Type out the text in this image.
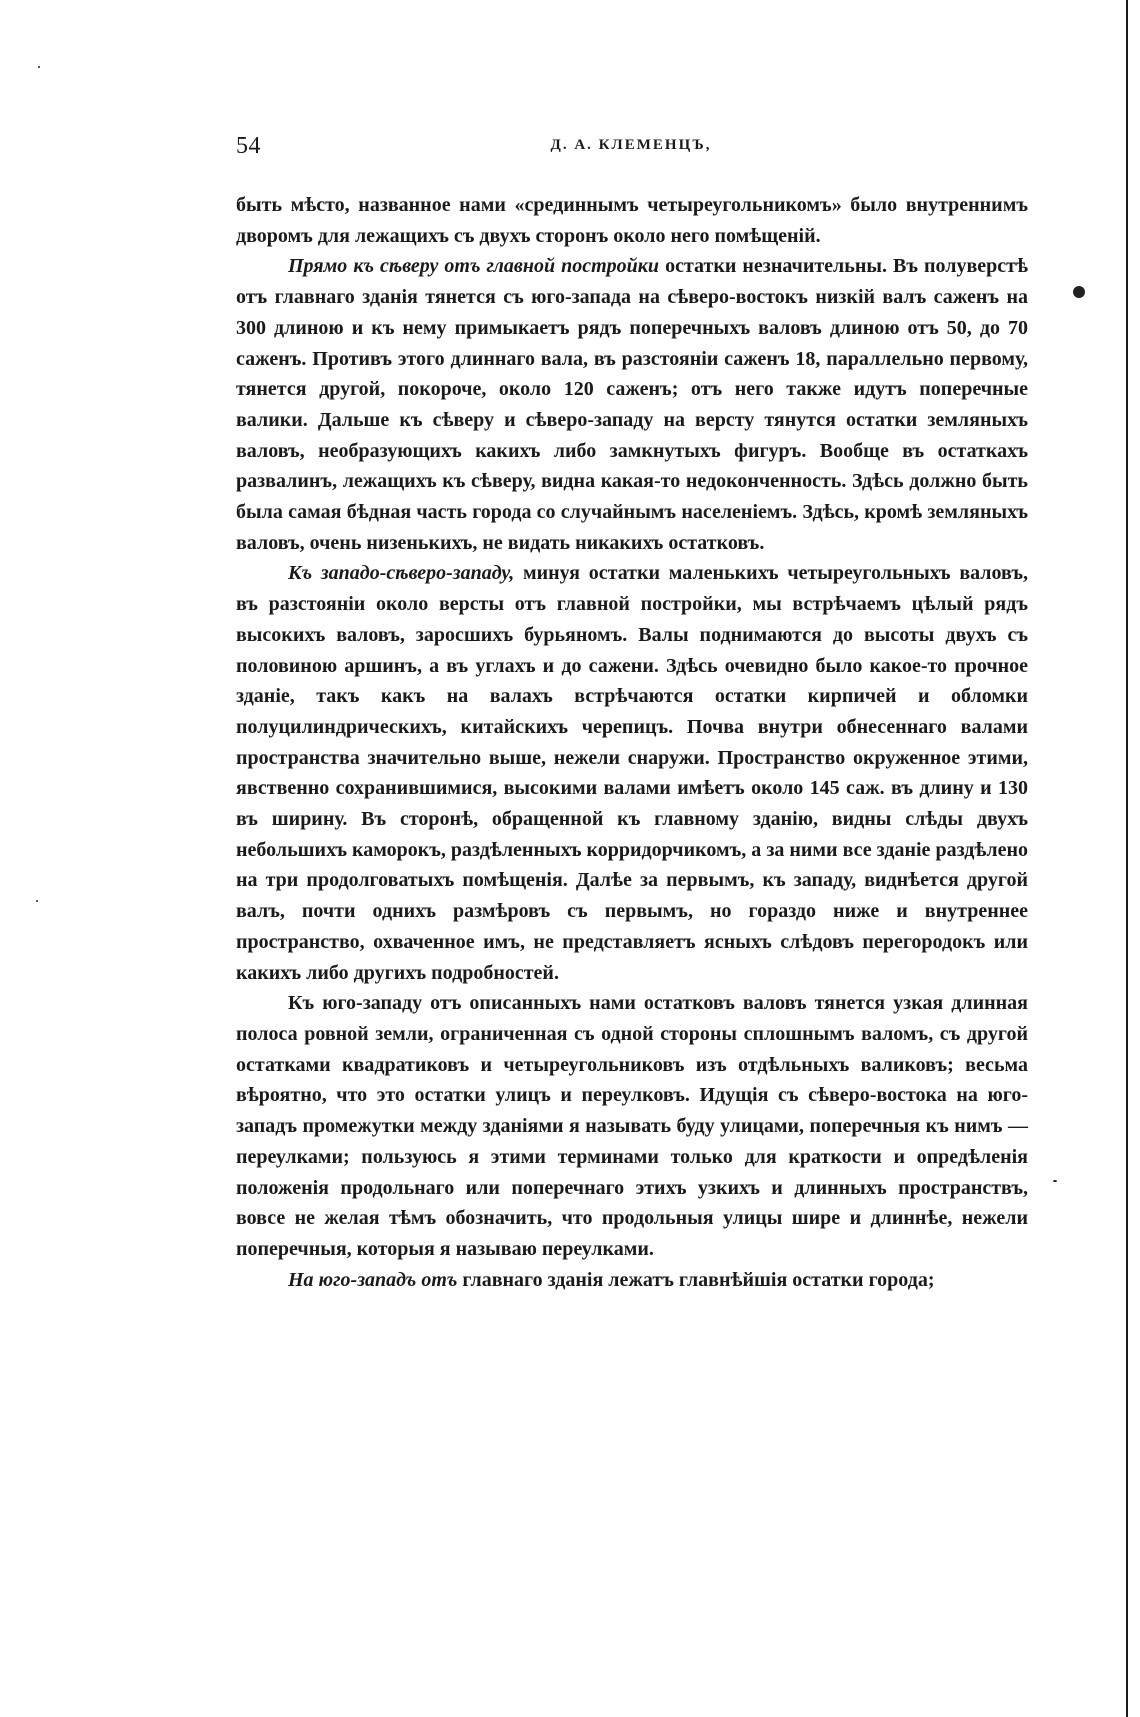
54	Д. А. КЛЕМЕНЦЪ,

быть мѣсто, названное нами «срединнымъ четыреугольникомъ» было внутреннимъ дворомъ для лежащихъ съ двухъ сторонъ около него помѣщеній.

Прямо къ сѣверу отъ главной постройки остатки незначительны. Въ полуверстѣ отъ главнаго зданія тянется съ юго-запада на сѣверо-востокъ низкій валъ саженъ на 300 длиною и къ нему примыкаетъ рядъ поперечныхъ валовъ длиною отъ 50, до 70 саженъ. Противъ этого длиннаго вала, въ разстояніи саженъ 18, параллельно первому, тянется другой, покороче, около 120 саженъ; отъ него также идутъ поперечные валики. Дальше къ сѣверу и сѣверо-западу на версту тянутся остатки земляныхъ валовъ, необразующихъ какихъ либо замкнутыхъ фигуръ. Вообще въ остаткахъ развалинъ, лежащихъ къ сѣверу, видна какая-то недоконченность. Здѣсь должно быть была самая бѣдная часть города со случайнымъ населеніемъ. Здѣсь, кромѣ земляныхъ валовъ, очень низенькихъ, не видать никакихъ остатковъ.

Къ западо-сѣверо-западу, минуя остатки маленькихъ четыреугольныхъ валовъ, въ разстояніи около версты отъ главной постройки, мы встрѣчаемъ цѣлый рядъ высокихъ валовъ, заросшихъ бурьяномъ. Валы поднимаются до высоты двухъ съ половиною аршинъ, а въ углахъ и до сажени. Здѣсь очевидно было какое-то прочное зданіе, такъ какъ на валахъ встрѣчаются остатки кирпичей и обломки полуцилиндрическихъ, китайскихъ черепицъ. Почва внутри обнесеннаго валами пространства значительно выше, нежели снаружи. Пространство окруженное этими, явственно сохранившимися, высокими валами имѣетъ около 145 саж. въ длину и 130 въ ширину. Въ сторонѣ, обращенной къ главному зданію, видны слѣды двухъ небольшихъ каморокъ, раздѣленныхъ корридорчикомъ, а за ними все зданіе раздѣлено на три продолговатыхъ помѣщенія. Далѣе за первымъ, къ западу, виднѣется другой валъ, почти однихъ размѣровъ съ первымъ, но гораздо ниже и внутреннее пространство, охваченное имъ, не представляетъ ясныхъ слѣдовъ перегородокъ или какихъ либо другихъ подробностей.

Къ юго-западу отъ описанныхъ нами остатковъ валовъ тянется узкая длинная полоса ровной земли, ограниченная съ одной стороны сплошнымъ валомъ, съ другой остатками квадратиковъ и четыреугольниковъ изъ отдѣльныхъ валиковъ; весьма вѣроятно, что это остатки улицъ и переулковъ. Идущія съ сѣверо-востока на юго-западъ промежутки между зданіями я называть буду улицами, поперечныя къ нимъ — переулками; пользуюсь я этими терминами только для краткости и опредѣленія положенія продольнаго или поперечнаго этихъ узкихъ и длинныхъ пространствъ, вовсе не желая тѣмъ обозначить, что продольныя улицы шире и длиннѣе, нежели поперечныя, которыя я называю переулками.

На юго-западъ отъ главнаго зданія лежатъ главнѣйшія остатки города;
